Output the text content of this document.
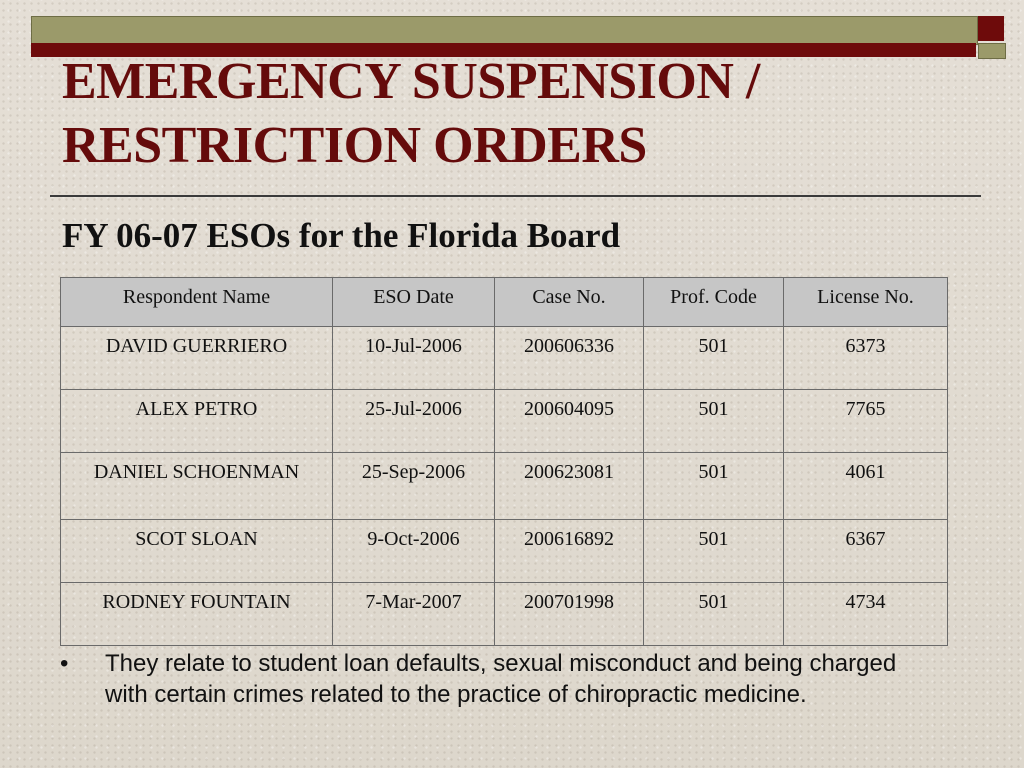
EMERGENCY SUSPENSION /
RESTRICTION ORDERS
FY 06-07 ESOs for the Florida Board
Respondent Name	ESO Date	Case No.	Prof. Code	License No.
DAVID GUERRIERO	10-Jul-2006	200606336	501	6373
ALEX PETRO	25-Jul-2006	200604095	501	7765
DANIEL SCHOENMAN	25-Sep-2006	200623081	501	4061
SCOT SLOAN	9-Oct-2006	200616892	501	6367
RODNEY FOUNTAIN	7-Mar-2007	200701998	501	4734
• They relate to student loan defaults, sexual misconduct and being charged with certain crimes related to the practice of chiropractic medicine.
